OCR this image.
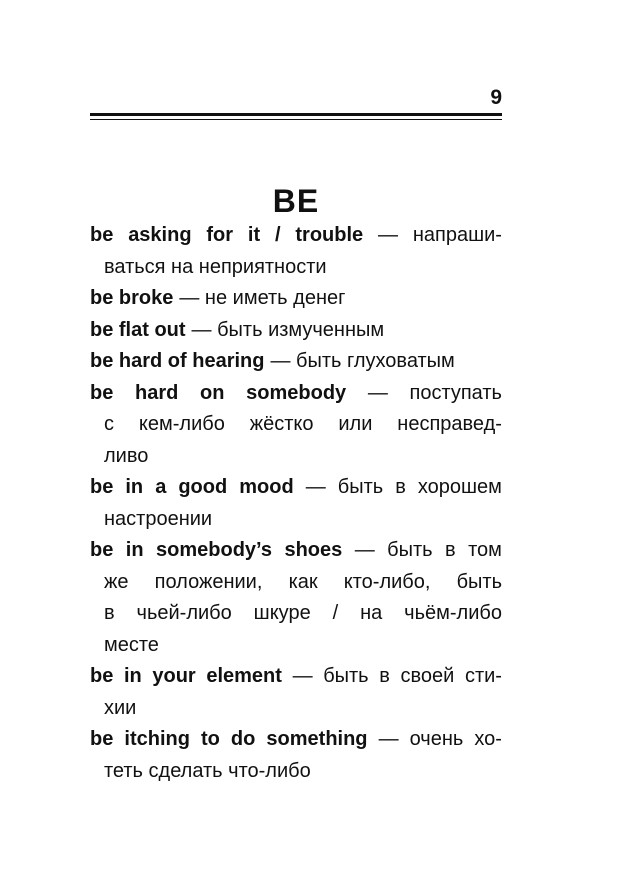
9
BE
be asking for it / trouble — напраши-
ваться на неприятности
be broke — не иметь денег
be flat out — быть измученным
be hard of hearing — быть глуховатым
be hard on somebody — поступать
с кем-либо жёстко или несправед-
ливо
be in a good mood — быть в хорошем
настроении
be in somebody’s shoes — быть в том
же положении, как кто-либо, быть
в чьей-либо шкуре / на чьём-либо
месте
be in your element — быть в своей сти-
хии
be itching to do something — очень хо-
теть сделать что-либо
